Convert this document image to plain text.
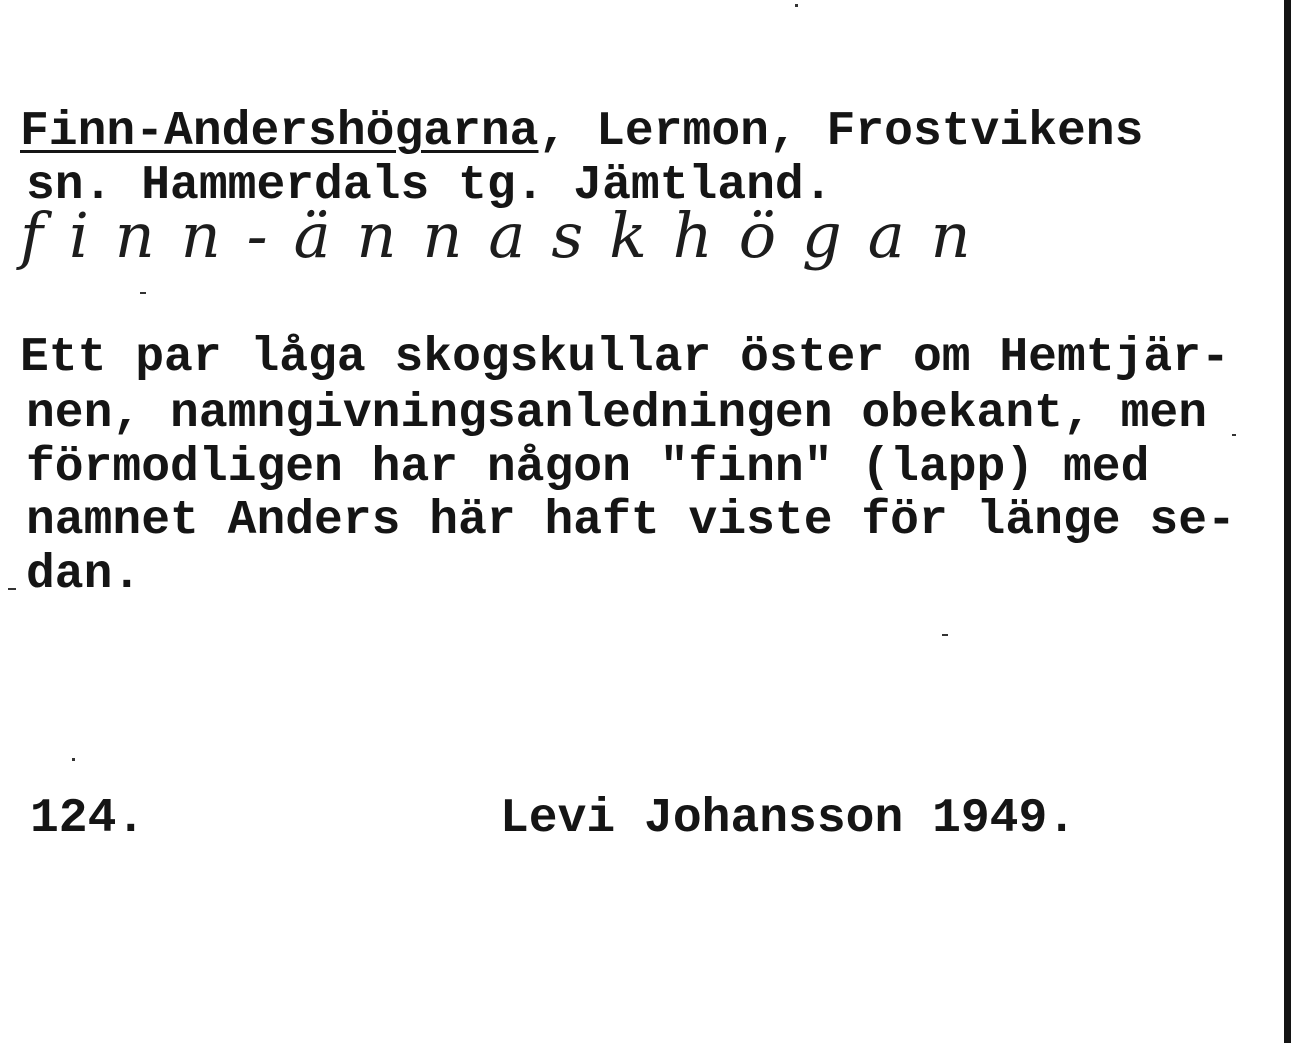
Finn-Andershögarna, Lermon, Frostvikens
sn. Hammerdals tg. Jämtland.
finn-ännaskhögan
Ett par låga skogskullar öster om Hemtjär-
nen, namngivningsanledningen obekant, men
förmodligen har någon "finn" (lapp) med
namnet Anders här haft viste för länge se-
dan.
124.	Levi Johansson 1949.
